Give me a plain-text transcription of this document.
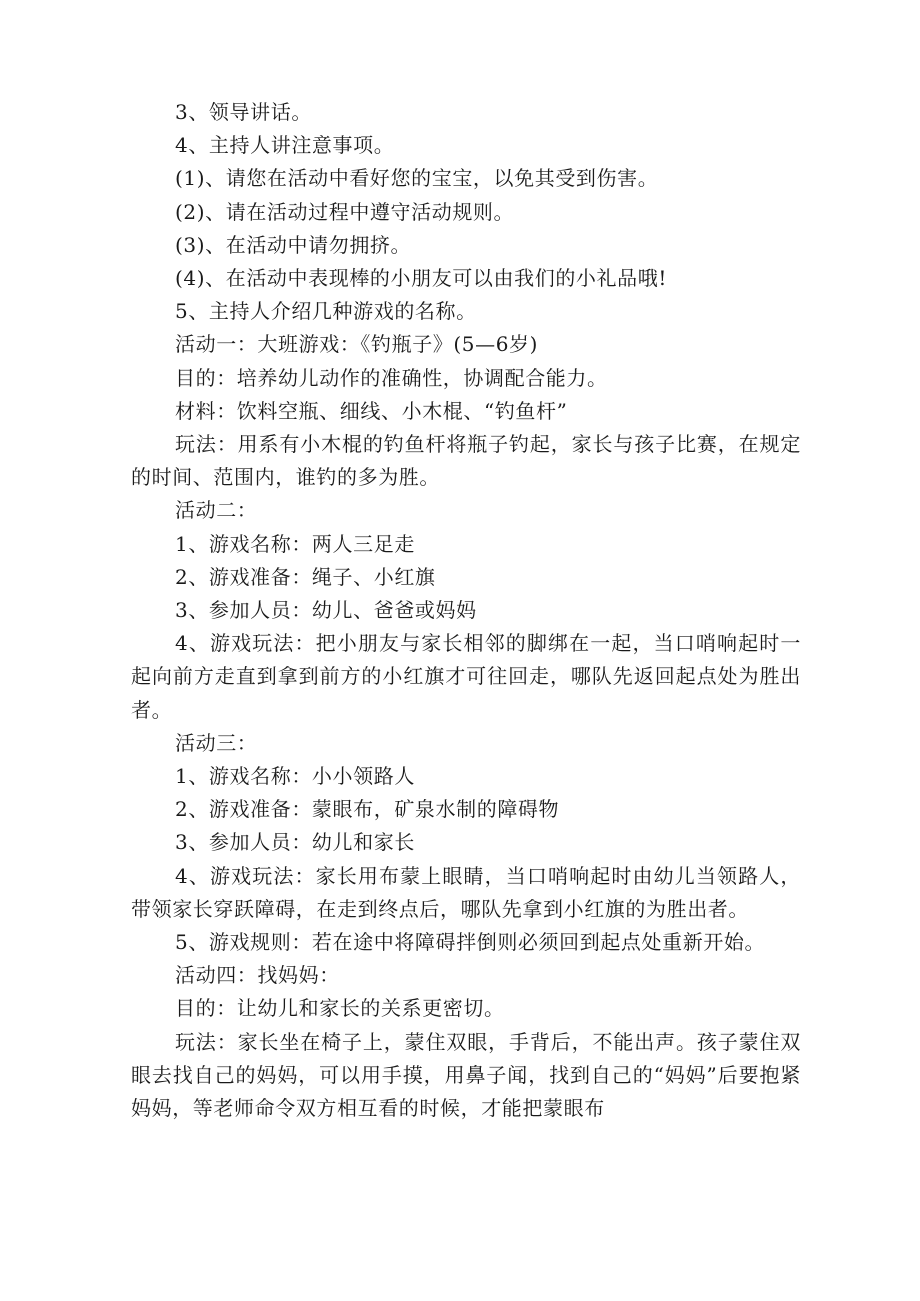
3、领导讲话。

4、主持人讲注意事项。

(1)、请您在活动中看好您的宝宝，以免其受到伤害。

(2)、请在活动过程中遵守活动规则。

(3)、在活动中请勿拥挤。

(4)、在活动中表现棒的小朋友可以由我们的小礼品哦!

5、主持人介绍几种游戏的名称。

活动一：大班游戏：《钓瓶子》(5—6岁)

目的：培养幼儿动作的准确性，协调配合能力。

材料：饮料空瓶、细线、小木棍、“钓鱼杆”

玩法：用系有小木棍的钓鱼杆将瓶子钓起，家长与孩子比赛，在规定的时间、范围内，谁钓的多为胜。

活动二：

1、游戏名称：两人三足走

2、游戏准备：绳子、小红旗

3、参加人员：幼儿、爸爸或妈妈

4、游戏玩法：把小朋友与家长相邻的脚绑在一起，当口哨响起时一起向前方走直到拿到前方的小红旗才可往回走，哪队先返回起点处为胜出者。

活动三：

1、游戏名称：小小领路人

2、游戏准备：蒙眼布，矿泉水制的障碍物

3、参加人员：幼儿和家长

4、游戏玩法：家长用布蒙上眼睛，当口哨响起时由幼儿当领路人，带领家长穿跃障碍，在走到终点后，哪队先拿到小红旗的为胜出者。

5、游戏规则：若在途中将障碍拌倒则必须回到起点处重新开始。

活动四：找妈妈：

目的：让幼儿和家长的关系更密切。

玩法：家长坐在椅子上，蒙住双眼，手背后，不能出声。孩子蒙住双眼去找自己的妈妈，可以用手摸，用鼻子闻，找到自己的“妈妈”后要抱紧妈妈，等老师命令双方相互看的时候，才能把蒙眼布
